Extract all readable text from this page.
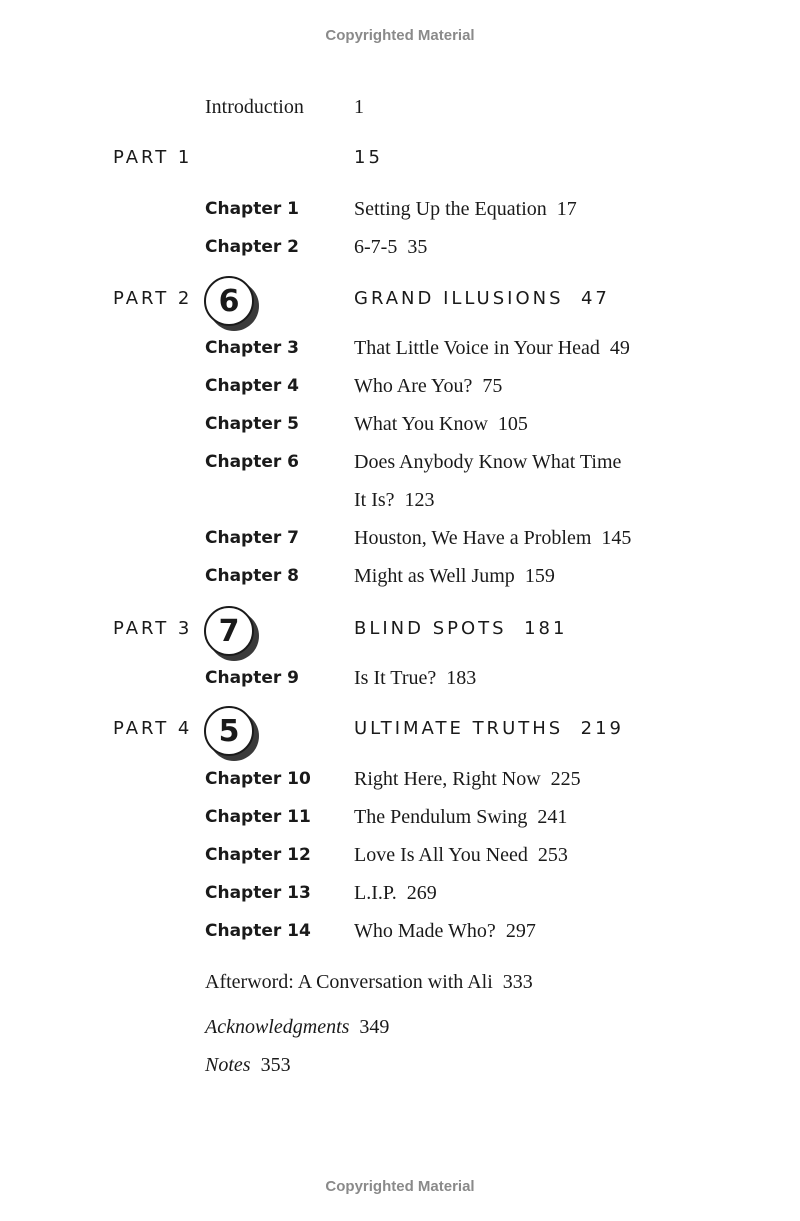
Copyrighted Material
Introduction	1
PART 1	15
Chapter 1	Setting Up the Equation 17
Chapter 2	6-7-5 35
PART 2 6	GRAND ILLUSIONS 47
Chapter 3	That Little Voice in Your Head 49
Chapter 4	Who Are You? 75
Chapter 5	What You Know 105
Chapter 6	Does Anybody Know What Time
It Is? 123
Chapter 7	Houston, We Have a Problem 145
Chapter 8	Might as Well Jump 159
PART 3 7	BLIND SPOTS 181
Chapter 9	Is It True? 183
PART 4 5	ULTIMATE TRUTHS 219
Chapter 10 Right Here, Right Now 225
Chapter 11 The Pendulum Swing 241
Chapter 12 Love Is All You Need 253
Chapter 13 L.I.P. 269
Chapter 14 Who Made Who? 297
Afterword: A Conversation with Ali 333
Acknowledgments 349
Notes 353
Copyrighted Material
